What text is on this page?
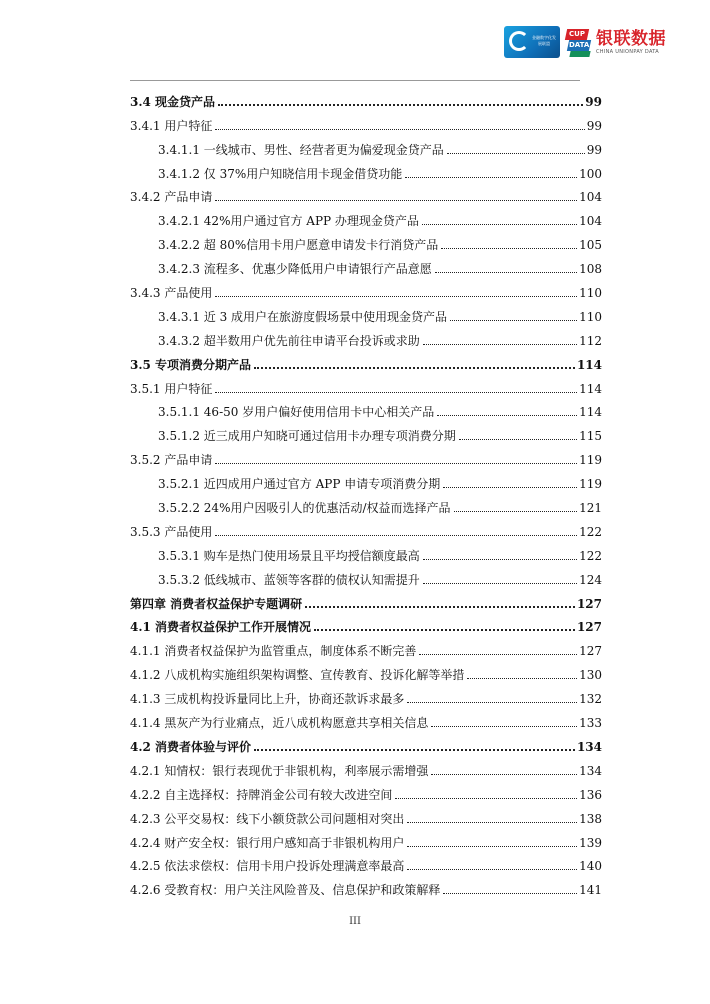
金融数字化发展联盟
CUP
DATA 银联数据
CHINA UNIONPAY DATA
3.4 现金贷产品	99
3.4.1 用户特征	99
3.4.1.1 一线城市、男性、经营者更为偏爱现金贷产品	99
3.4.1.2 仅 37%用户知晓信用卡现金借贷功能	100
3.4.2 产品申请	104
3.4.2.1 42%用户通过官方 APP 办理现金贷产品	104
3.4.2.2 超 80%信用卡用户愿意申请发卡行消贷产品	105
3.4.2.3 流程多、优惠少降低用户申请银行产品意愿	108
3.4.3 产品使用	110
3.4.3.1 近 3 成用户在旅游度假场景中使用现金贷产品	110
3.4.3.2 超半数用户优先前往申请平台投诉或求助	112
3.5 专项消费分期产品	114
3.5.1 用户特征	114
3.5.1.1 46-50 岁用户偏好使用信用卡中心相关产品	114
3.5.1.2 近三成用户知晓可通过信用卡办理专项消费分期	115
3.5.2 产品申请	119
3.5.2.1 近四成用户通过官方 APP 申请专项消费分期	119
3.5.2.2 24%用户因吸引人的优惠活动/权益而选择产品	121
3.5.3 产品使用	122
3.5.3.1 购车是热门使用场景且平均授信额度最高	122
3.5.3.2 低线城市、蓝领等客群的债权认知需提升	124
第四章 消费者权益保护专题调研	127
4.1 消费者权益保护工作开展情况	127
4.1.1 消费者权益保护为监管重点，制度体系不断完善	127
4.1.2 八成机构实施组织架构调整、宣传教育、投诉化解等举措	130
4.1.3 三成机构投诉量同比上升，协商还款诉求最多	132
4.1.4 黑灰产为行业痛点，近八成机构愿意共享相关信息	133
4.2 消费者体验与评价	134
4.2.1 知情权：银行表现优于非银机构，利率展示需增强	134
4.2.2 自主选择权：持牌消金公司有较大改进空间	136
4.2.3 公平交易权：线下小额贷款公司问题相对突出	138
4.2.4 财产安全权：银行用户感知高于非银机构用户	139
4.2.5 依法求偿权：信用卡用户投诉处理满意率最高	140
4.2.6 受教育权：用户关注风险普及、信息保护和政策解释	141
III
